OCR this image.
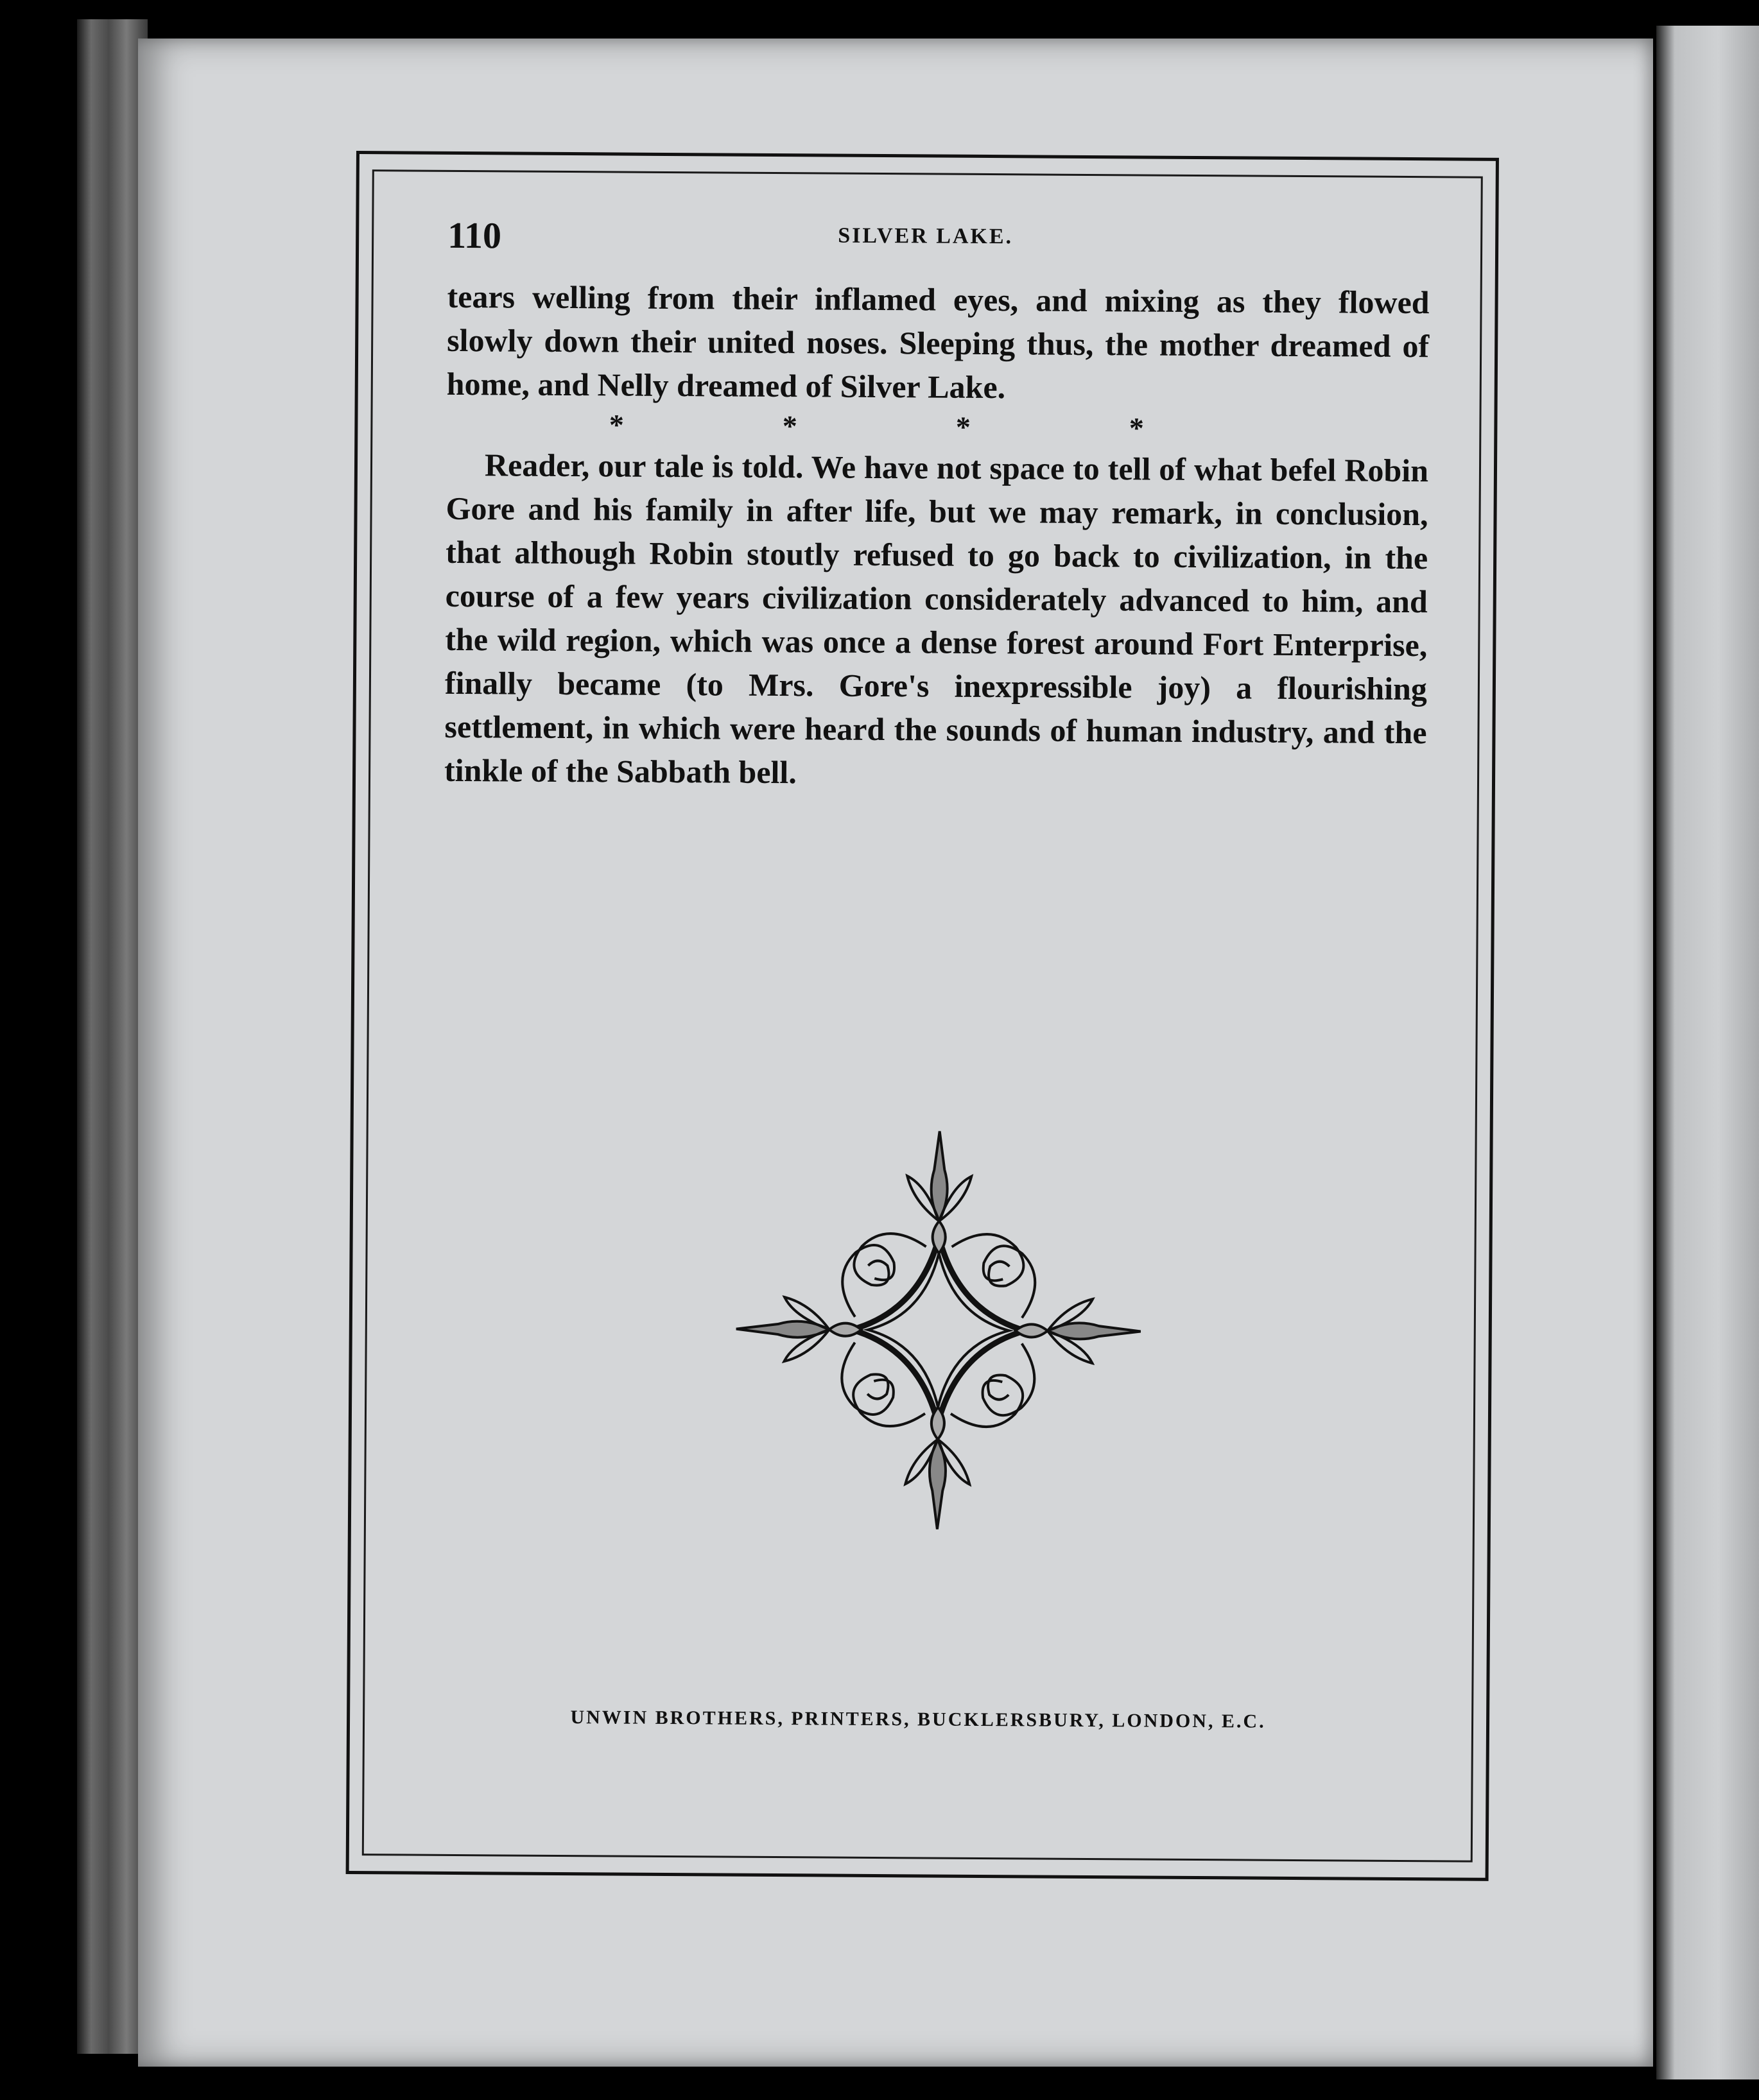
110	SILVER LAKE.

tears welling from their inflamed eyes, and mixing as they flowed slowly down their united noses. Sleeping thus, the mother dreamed of home, and Nelly dreamed of Silver Lake.

*	*	*	*

Reader, our tale is told. We have not space to tell of what befel Robin Gore and his family in after life, but we may remark, in conclusion, that although Robin stoutly refused to go back to civilization, in the course of a few years civilization considerately advanced to him, and the wild region, which was once a dense forest around Fort Enterprise, finally became (to Mrs. Gore's inexpressible joy) a flourishing settlement, in which were heard the sounds of human industry, and the tinkle of the Sabbath bell.

UNWIN BROTHERS, PRINTERS, BUCKLERSBURY, LONDON, E.C.
